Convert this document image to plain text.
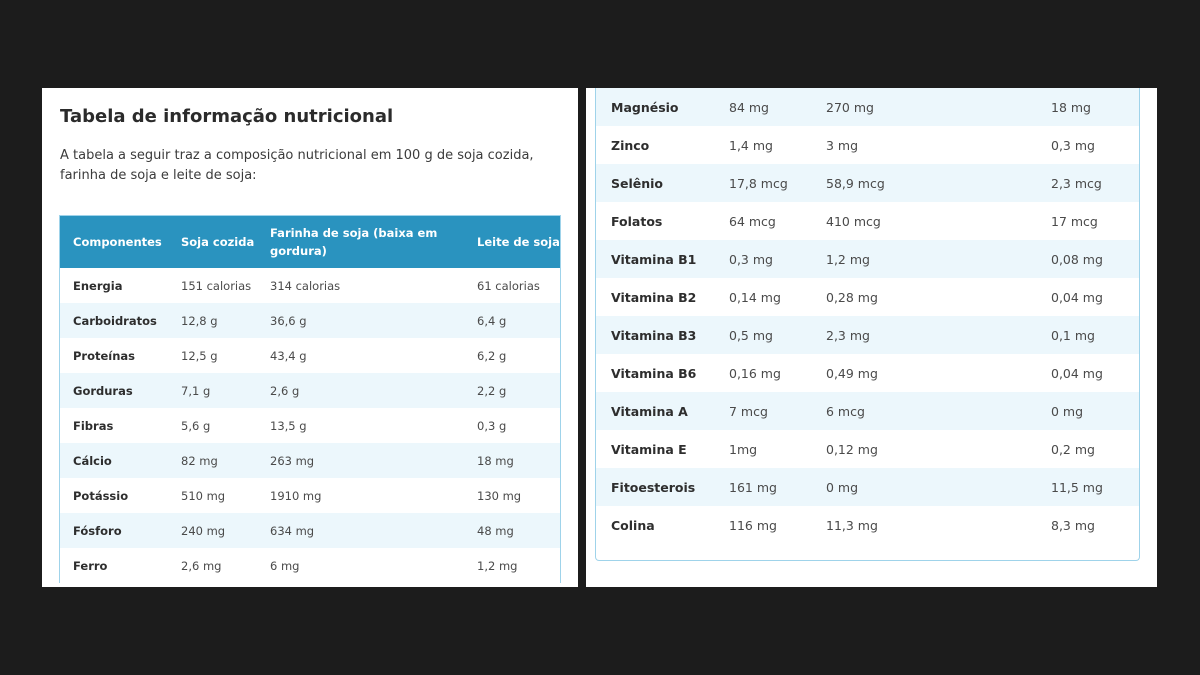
Tabela de informação nutricional

A tabela a seguir traz a composição nutricional em 100 g de soja cozida, farinha de soja e leite de soja:

Componentes	Soja cozida	Farinha de soja (baixa em gordura)	Leite de soja
Energia	151 calorias	314 calorias	61 calorias
Carboidratos	12,8 g	36,6 g	6,4 g
Proteínas	12,5 g	43,4 g	6,2 g
Gorduras	7,1 g	2,6 g	2,2 g
Fibras	5,6 g	13,5 g	0,3 g
Cálcio	82 mg	263 mg	18 mg
Potássio	510 mg	1910 mg	130 mg
Fósforo	240 mg	634 mg	48 mg
Ferro	2,6 mg	6 mg	1,2 mg
Magnésio	84 mg	270 mg	18 mg
Zinco	1,4 mg	3 mg	0,3 mg
Selênio	17,8 mcg	58,9 mcg	2,3 mcg
Folatos	64 mcg	410 mcg	17 mcg
Vitamina B1	0,3 mg	1,2 mg	0,08 mg
Vitamina B2	0,14 mg	0,28 mg	0,04 mg
Vitamina B3	0,5 mg	2,3 mg	0,1 mg
Vitamina B6	0,16 mg	0,49 mg	0,04 mg
Vitamina A	7 mcg	6 mcg	0 mg
Vitamina E	1mg	0,12 mg	0,2 mg
Fitoesterois	161 mg	0 mg	11,5 mg
Colina	116 mg	11,3 mg	8,3 mg
